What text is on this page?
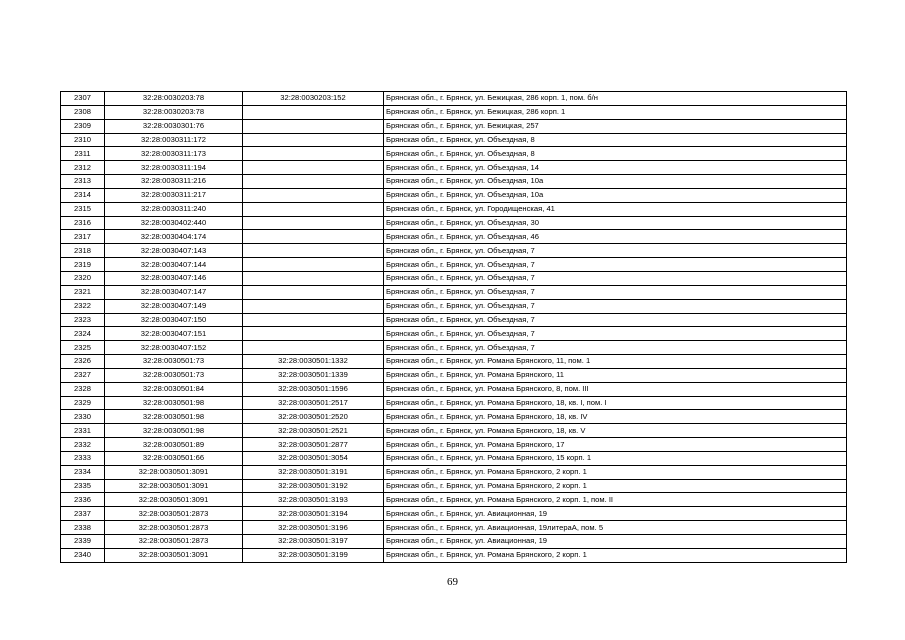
2307	32:28:0030203:78	32:28:0030203:152	Брянская обл., г. Брянск, ул. Бежицкая, 286 корп. 1, пом. б/н
2308	32:28:0030203:78		Брянская обл., г. Брянск, ул. Бежицкая, 286 корп. 1
2309	32:28:0030301:76		Брянская обл., г. Брянск, ул. Бежицкая, 257
2310	32:28:0030311:172		Брянская обл., г. Брянск, ул. Объездная, 8
2311	32:28:0030311:173		Брянская обл., г. Брянск, ул. Объездная, 8
2312	32:28:0030311:194		Брянская обл., г. Брянск, ул. Объездная, 14
2313	32:28:0030311:216		Брянская обл., г. Брянск, ул. Объездная, 10а
2314	32:28:0030311:217		Брянская обл., г. Брянск, ул. Объездная, 10а
2315	32:28:0030311:240		Брянская обл., г. Брянск, ул. Городищенская, 41
2316	32:28:0030402:440		Брянская обл., г. Брянск, ул. Объездная, 30
2317	32:28:0030404:174		Брянская обл., г. Брянск, ул. Объездная, 46
2318	32:28:0030407:143		Брянская обл., г. Брянск, ул. Объездная, 7
2319	32:28:0030407:144		Брянская обл., г. Брянск, ул. Объездная, 7
2320	32:28:0030407:146		Брянская обл., г. Брянск, ул. Объездная, 7
2321	32:28:0030407:147		Брянская обл., г. Брянск, ул. Объездная, 7
2322	32:28:0030407:149		Брянская обл., г. Брянск, ул. Объездная, 7
2323	32:28:0030407:150		Брянская обл., г. Брянск, ул. Объездная, 7
2324	32:28:0030407:151		Брянская обл., г. Брянск, ул. Объездная, 7
2325	32:28:0030407:152		Брянская обл., г. Брянск, ул. Объездная, 7
2326	32:28:0030501:73	32:28:0030501:1332	Брянская обл., г. Брянск, ул. Романа Брянского, 11, пом. 1
2327	32:28:0030501:73	32:28:0030501:1339	Брянская обл., г. Брянск, ул. Романа Брянского, 11
2328	32:28:0030501:84	32:28:0030501:1596	Брянская обл., г. Брянск, ул. Романа Брянского, 8, пом. III
2329	32:28:0030501:98	32:28:0030501:2517	Брянская обл., г. Брянск, ул. Романа Брянского, 18, кв. I, пом. I
2330	32:28:0030501:98	32:28:0030501:2520	Брянская обл., г. Брянск, ул. Романа Брянского, 18, кв. IV
2331	32:28:0030501:98	32:28:0030501:2521	Брянская обл., г. Брянск, ул. Романа Брянского, 18, кв. V
2332	32:28:0030501:89	32:28:0030501:2877	Брянская обл., г. Брянск, ул. Романа Брянского, 17
2333	32:28:0030501:66	32:28:0030501:3054	Брянская обл., г. Брянск, ул. Романа Брянского, 15 корп. 1
2334	32:28:0030501:3091	32:28:0030501:3191	Брянская обл., г. Брянск, ул. Романа Брянского, 2 корп. 1
2335	32:28:0030501:3091	32:28:0030501:3192	Брянская обл., г. Брянск, ул. Романа Брянского, 2 корп. 1
2336	32:28:0030501:3091	32:28:0030501:3193	Брянская обл., г. Брянск, ул. Романа Брянского, 2 корп. 1, пом. II
2337	32:28:0030501:2873	32:28:0030501:3194	Брянская обл., г. Брянск, ул. Авиационная, 19
2338	32:28:0030501:2873	32:28:0030501:3196	Брянская обл., г. Брянск, ул. Авиационная, 19литераА, пом. 5
2339	32:28:0030501:2873	32:28:0030501:3197	Брянская обл., г. Брянск, ул. Авиационная, 19
2340	32:28:0030501:3091	32:28:0030501:3199	Брянская обл., г. Брянск, ул. Романа Брянского, 2 корп. 1
69
